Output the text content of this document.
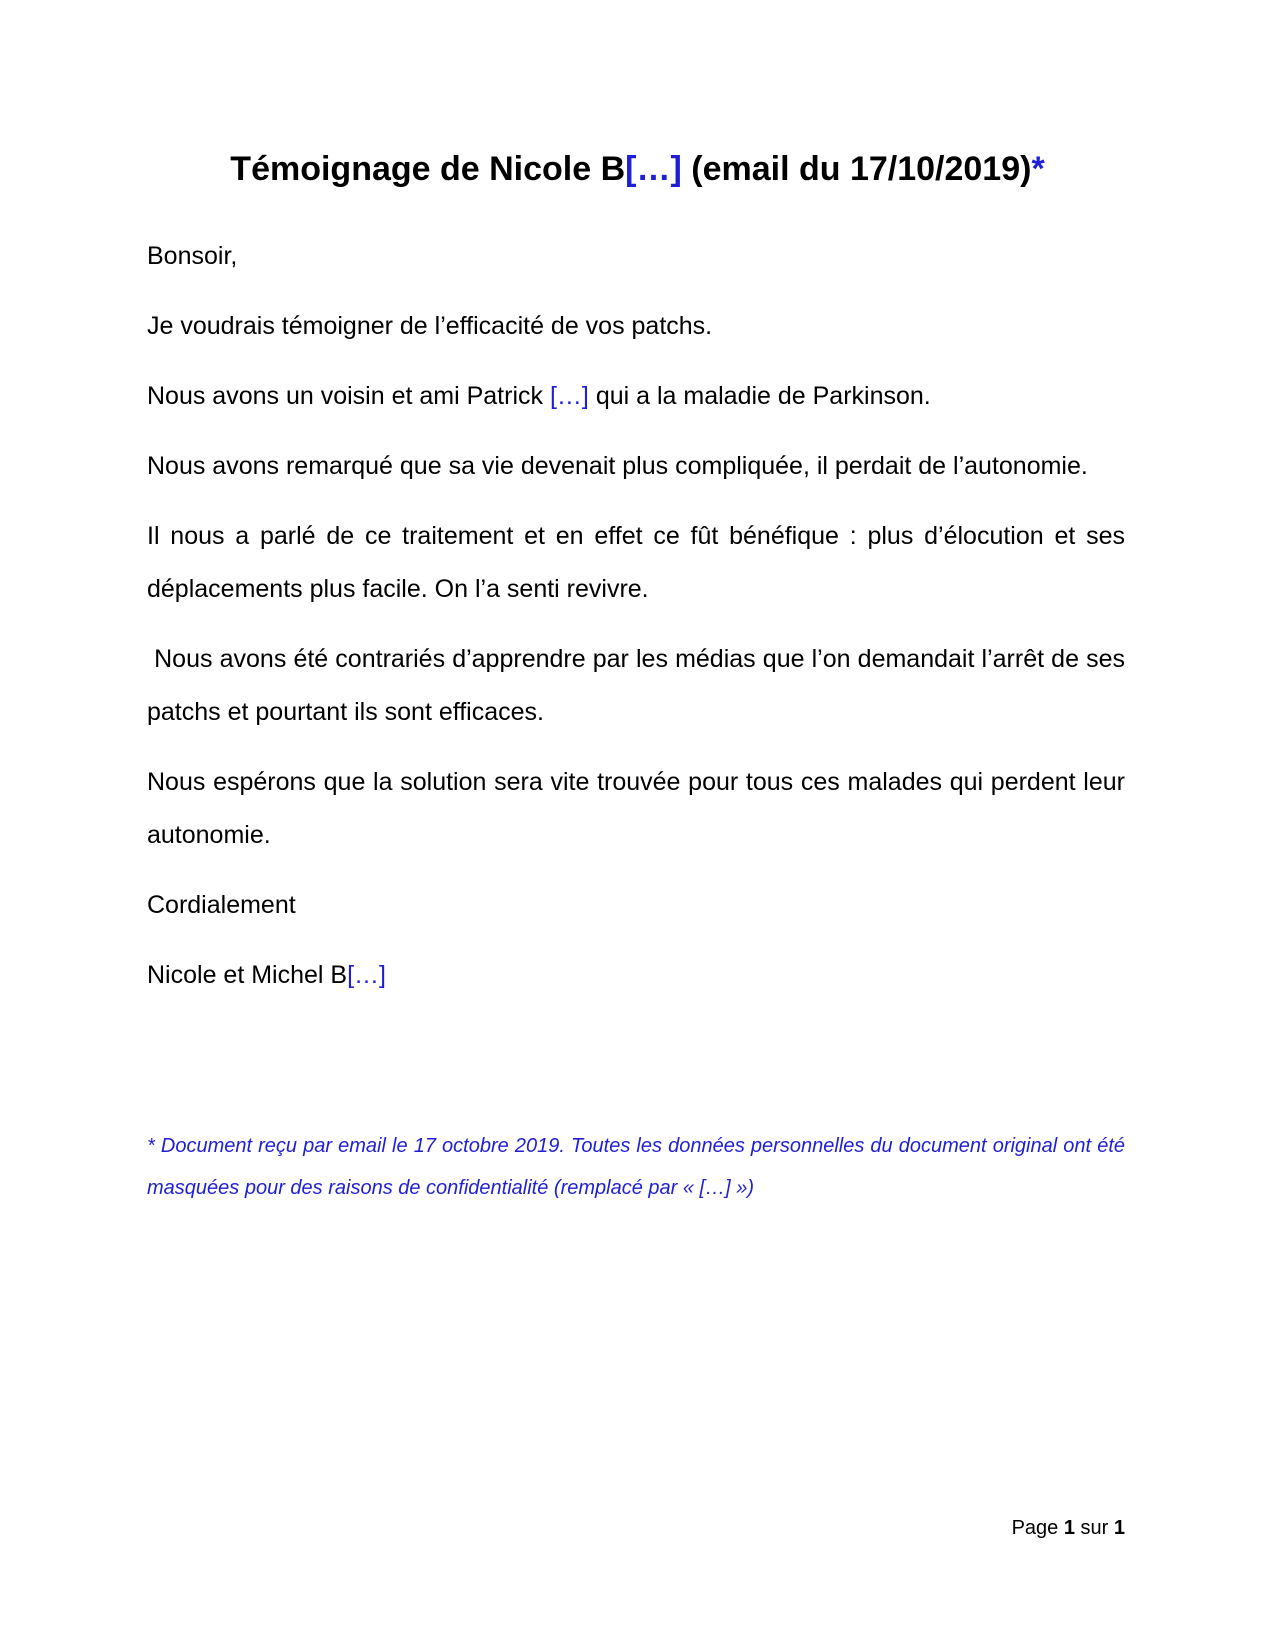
Témoignage de Nicole B[…] (email du 17/10/2019)*

Bonsoir,

Je voudrais témoigner de l’efficacité de vos patchs.

Nous avons un voisin et ami Patrick […] qui a la maladie de Parkinson.

Nous avons remarqué que sa vie devenait plus compliquée, il perdait de l’autonomie.

Il nous a parlé de ce traitement et en effet ce fût bénéfique : plus d’élocution et ses déplacements plus facile. On l’a senti revivre.

Nous avons été contrariés d’apprendre par les médias que l’on demandait l’arrêt de ses patchs et pourtant ils sont efficaces.

Nous espérons que la solution sera vite trouvée pour tous ces malades qui perdent leur autonomie.

Cordialement

Nicole et Michel B[…]

* Document reçu par email le 17 octobre 2019. Toutes les données personnelles du document original ont été masquées pour des raisons de confidentialité (remplacé par « […] »)

Page 1 sur 1
